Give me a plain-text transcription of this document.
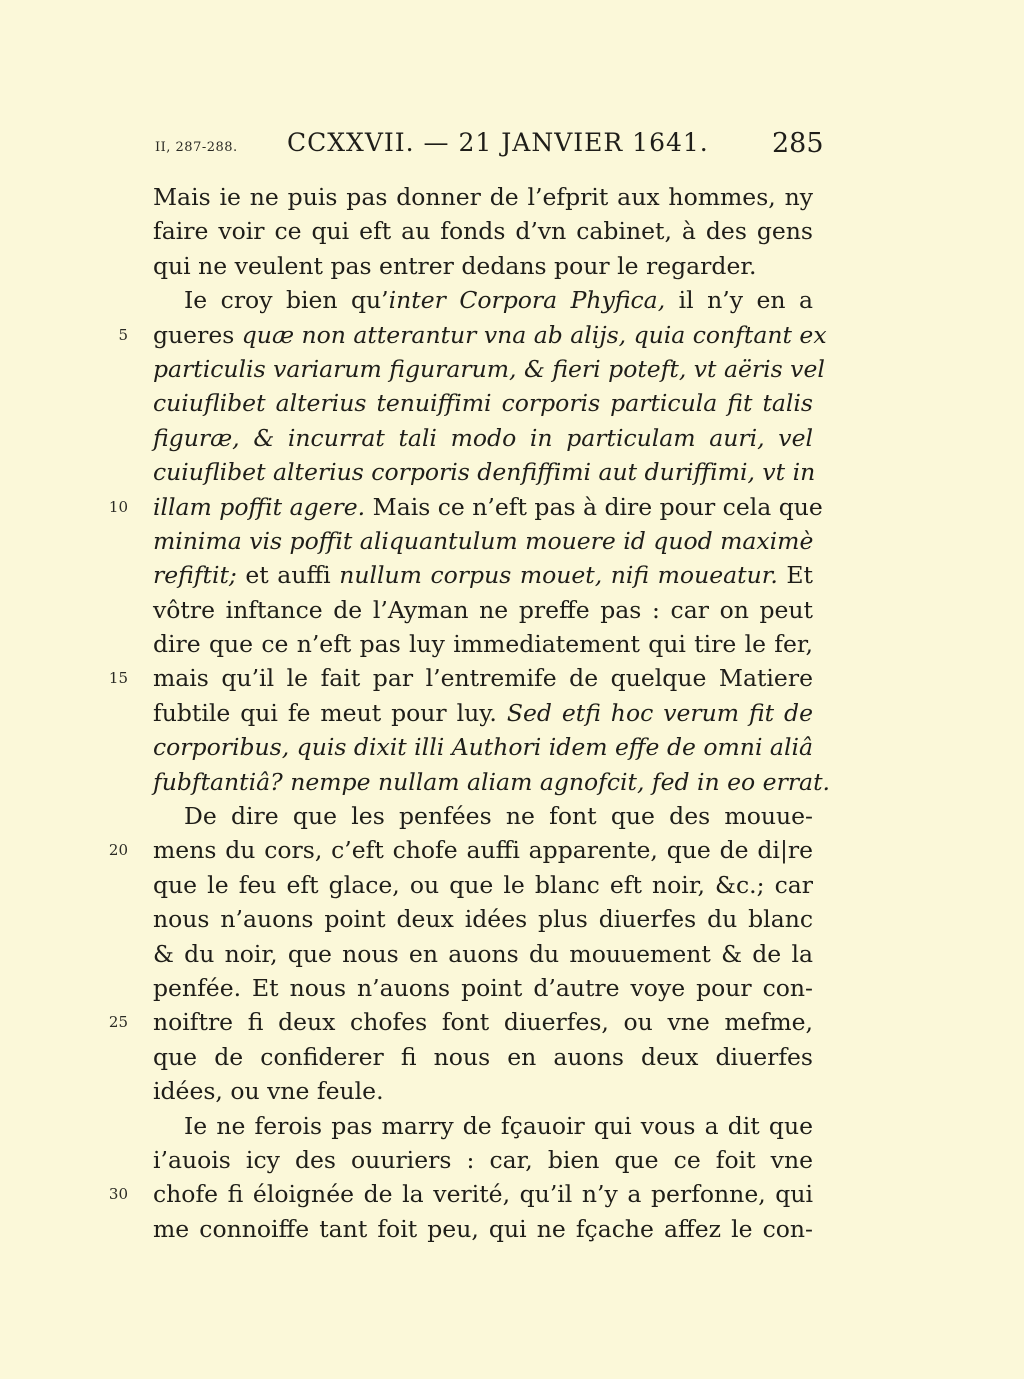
II, 287-288. CCXXVII. — 21 JANVIER 1641. 285
Mais ie ne puis pas donner de l’efprit aux hommes, ny
faire voir ce qui eft au fonds d’vn cabinet, à des gens
qui ne veulent pas entrer dedans pour le regarder.
Ie croy bien qu’inter Corpora Phyfica, il n’y en a
5 gueres quæ non atterantur vna ab alijs, quia conftant ex
particulis variarum figurarum, & fieri poteft, vt aëris vel
cuiuflibet alterius tenuiffimi corporis particula fit talis
figuræ, & incurrat tali modo in particulam auri, vel
cuiuflibet alterius corporis denfiffimi aut duriffimi, vt in
10 illam poffit agere. Mais ce n’eft pas à dire pour cela que
minima vis poffit aliquantulum mouere id quod maximè
refiftit; et auffi nullum corpus mouet, nifi moueatur. Et
vôtre inftance de l’Ayman ne preffe pas : car on peut
dire que ce n’eft pas luy immediatement qui tire le fer,
15 mais qu’il le fait par l’entremife de quelque Matiere
fubtile qui fe meut pour luy. Sed etfi hoc verum fit de
corporibus, quis dixit illi Authori idem effe de omni aliâ
fubftantiâ? nempe nullam aliam agnofcit, fed in eo errat.
De dire que les penfées ne font que des mouue-
20 mens du cors, c’eft chofe auffi apparente, que de di|re
que le feu eft glace, ou que le blanc eft noir, &c.; car
nous n’auons point deux idées plus diuerfes du blanc
& du noir, que nous en auons du mouuement & de la
penfée. Et nous n’auons point d’autre voye pour con-
25 noiftre fi deux chofes font diuerfes, ou vne mefme,
que de confiderer fi nous en auons deux diuerfes
idées, ou vne feule.
Ie ne ferois pas marry de fçauoir qui vous a dit que
i’auois icy des ouuriers : car, bien que ce foit vne
30 chofe fi éloignée de la verité, qu’il n’y a perfonne, qui
me connoiffe tant foit peu, qui ne fçache affez le con-
